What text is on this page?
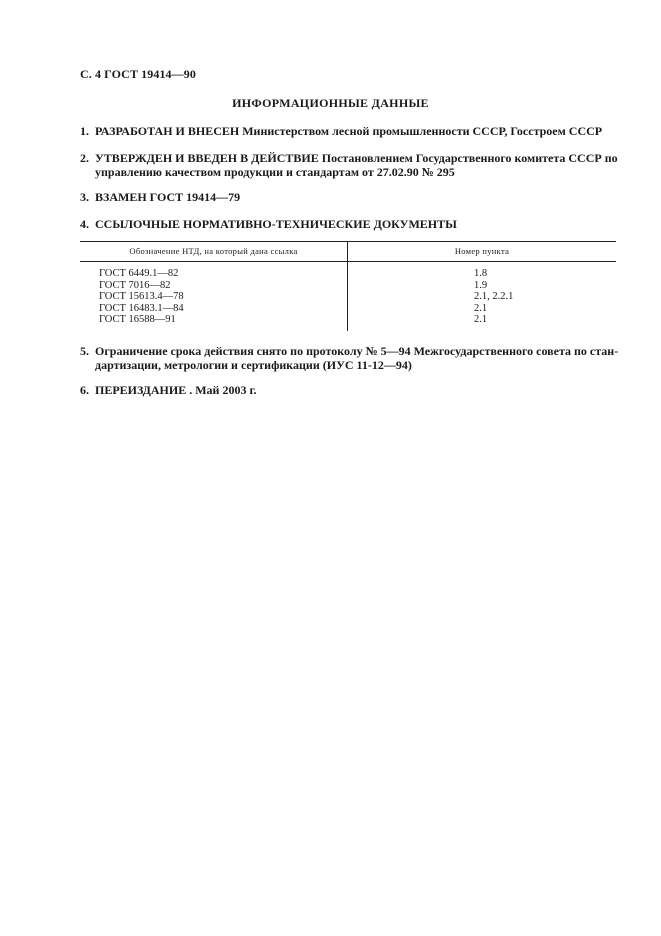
С. 4 ГОСТ 19414—90
ИНФОРМАЦИОННЫЕ ДАННЫЕ
1. РАЗРАБОТАН И ВНЕСЕН Министерством лесной промышленности СССР, Госстроем СССР
2. УТВЕРЖДЕН И ВВЕДЕН В ДЕЙСТВИЕ Постановлением Государственного комитета СССР по
управлению качеством продукции и стандартам от 27.02.90 № 295
3. ВЗАМЕН ГОСТ 19414—79
4. ССЫЛОЧНЫЕ НОРМАТИВНО-ТЕХНИЧЕСКИЕ ДОКУМЕНТЫ
Обозначение НТД, на который дана ссылка	Номер пункта
ГОСТ 6449.1—82
ГОСТ 7016—82
ГОСТ 15613.4—78
ГОСТ 16483.1—84
ГОСТ 16588—91
1.8
1.9
2.1, 2.2.1
2.1
2.1
5. Ограничение срока действия снято по протоколу № 5—94 Межгосударственного совета по стан-
дартизации, метрологии и сертификации (ИУС 11-12—94)
6. ПЕРЕИЗДАНИЕ . Май 2003 г.
